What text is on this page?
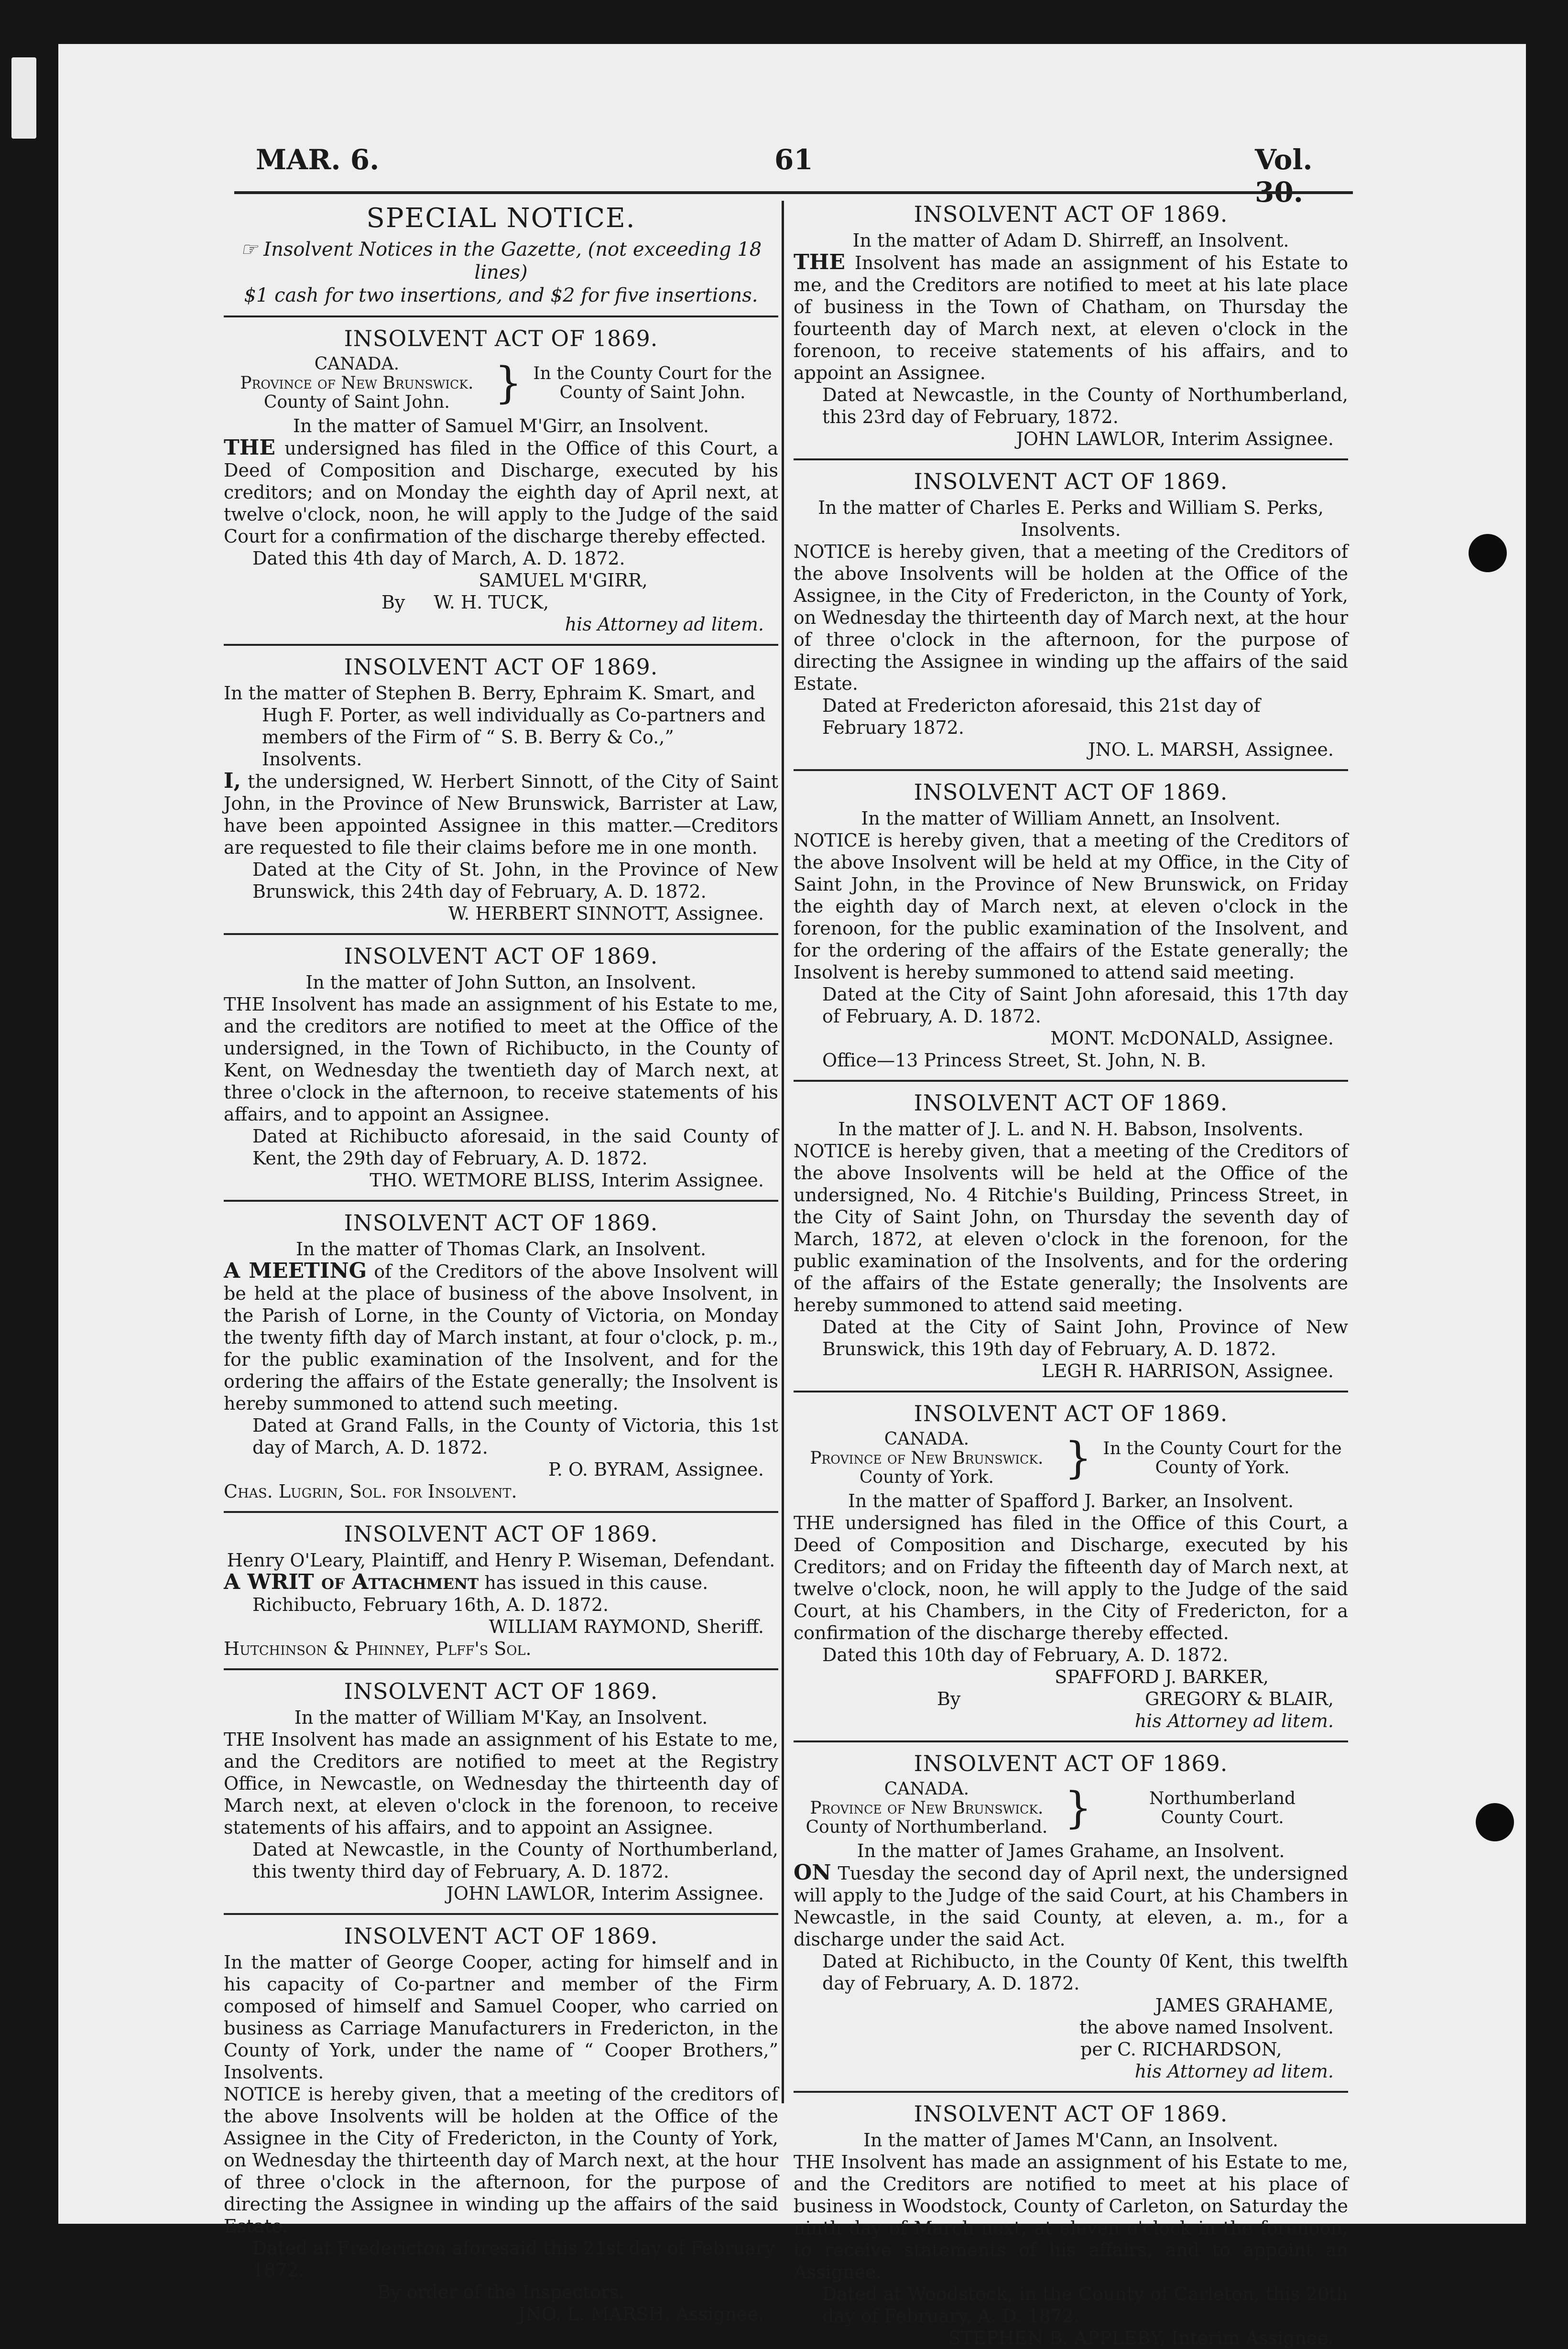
MAR. 6.	61	Vol. 30.
SPECIAL NOTICE.
☞ Insolvent Notices in the Gazette, (not exceeding 18 lines)
$1 cash for two insertions, and $2 for five insertions.
INSOLVENT ACT OF 1869.
CANADA.
Province of New Brunswick.
County of Saint John.	} In the County Court for the
County of Saint John.
In the matter of Samuel M'Girr, an Insolvent.
THE undersigned has filed in the Office of this Court, a Deed of Composition and Discharge, executed by his creditors; and on Monday the eighth day of April next, at twelve o'clock, noon, he will apply to the Judge of the said Court for a confirmation of the discharge thereby effected.
Dated this 4th day of March, A. D. 1872.
SAMUEL M'GIRR,
By W. H. TUCK,
his Attorney ad litem.
INSOLVENT ACT OF 1869.
In the matter of Stephen B. Berry, Ephraim K. Smart, and Hugh F. Porter, as well individually as Co-partners and members of the Firm of “ S. B. Berry & Co.,” Insolvents.
I, the undersigned, W. Herbert Sinnott, of the City of Saint John, in the Province of New Brunswick, Barrister at Law, have been appointed Assignee in this matter.—Creditors are requested to file their claims before me in one month.
Dated at the City of St. John, in the Province of New Brunswick, this 24th day of February, A. D. 1872.
W. HERBERT SINNOTT, Assignee.
INSOLVENT ACT OF 1869.
In the matter of John Sutton, an Insolvent.
THE Insolvent has made an assignment of his Estate to me, and the creditors are notified to meet at the Office of the undersigned, in the Town of Richibucto, in the County of Kent, on Wednesday the twentieth day of March next, at three o'clock in the afternoon, to receive statements of his affairs, and to appoint an Assignee.
Dated at Richibucto aforesaid, in the said County of Kent, the 29th day of February, A. D. 1872.
THO. WETMORE BLISS, Interim Assignee.
INSOLVENT ACT OF 1869.
In the matter of Thomas Clark, an Insolvent.
A MEETING of the Creditors of the above Insolvent will be held at the place of business of the above Insolvent, in the Parish of Lorne, in the County of Victoria, on Monday the twenty fifth day of March instant, at four o'clock, p. m., for the public examination of the Insolvent, and for the ordering the affairs of the Estate generally; the Insolvent is hereby summoned to attend such meeting.
Dated at Grand Falls, in the County of Victoria, this 1st day of March, A. D. 1872.
P. O. BYRAM, Assignee.
Chas. Lugrin, Sol. for Insolvent.
INSOLVENT ACT OF 1869.
Henry O'Leary, Plaintiff, and Henry P. Wiseman, Defendant.
A WRIT of Attachment has issued in this cause.
Richibucto, February 16th, A. D. 1872.
WILLIAM RAYMOND, Sheriff.
Hutchinson & Phinney, Plff's Sol.
INSOLVENT ACT OF 1869.
In the matter of William M'Kay, an Insolvent.
THE Insolvent has made an assignment of his Estate to me, and the Creditors are notified to meet at the Registry Office, in Newcastle, on Wednesday the thirteenth day of March next, at eleven o'clock in the forenoon, to receive statements of his affairs, and to appoint an Assignee.
Dated at Newcastle, in the County of Northumberland, this twenty third day of February, A. D. 1872.
JOHN LAWLOR, Interim Assignee.
INSOLVENT ACT OF 1869.
In the matter of George Cooper, acting for himself and in his capacity of Co-partner and member of the Firm composed of himself and Samuel Cooper, who carried on business as Carriage Manufacturers in Fredericton, in the County of York, under the name of “ Cooper Brothers,” Insolvents.
NOTICE is hereby given, that a meeting of the creditors of the above Insolvents will be holden at the Office of the Assignee in the City of Fredericton, in the County of York, on Wednesday the thirteenth day of March next, at the hour of three o'clock in the afternoon, for the purpose of directing the Assignee in winding up the affairs of the said Estate.
Dated at Fredericton aforesaid this 21st day of February 1872.
By order of the Inspectors.
JNO. L. MARSH, Assignee.
INSOLVENT ACT OF 1869.
In the matter of Adam D. Shirreff, an Insolvent.
THE Insolvent has made an assignment of his Estate to me, and the Creditors are notified to meet at his late place of business in the Town of Chatham, on Thursday the fourteenth day of March next, at eleven o'clock in the forenoon, to receive statements of his affairs, and to appoint an Assignee.
Dated at Newcastle, in the County of Northumberland, this 23rd day of February, 1872.
JOHN LAWLOR, Interim Assignee.
INSOLVENT ACT OF 1869.
In the matter of Charles E. Perks and William S. Perks, Insolvents.
NOTICE is hereby given, that a meeting of the Creditors of the above Insolvents will be holden at the Office of the Assignee, in the City of Fredericton, in the County of York, on Wednesday the thirteenth day of March next, at the hour of three o'clock in the afternoon, for the purpose of directing the Assignee in winding up the affairs of the said Estate.
Dated at Fredericton aforesaid, this 21st day of February 1872.
JNO. L. MARSH, Assignee.
INSOLVENT ACT OF 1869.
In the matter of William Annett, an Insolvent.
NOTICE is hereby given, that a meeting of the Creditors of the above Insolvent will be held at my Office, in the City of Saint John, in the Province of New Brunswick, on Friday the eighth day of March next, at eleven o'clock in the forenoon, for the public examination of the Insolvent, and for the ordering of the affairs of the Estate generally; the Insolvent is hereby summoned to attend said meeting.
Dated at the City of Saint John aforesaid, this 17th day of February, A. D. 1872.
MONT. McDONALD, Assignee.
Office—13 Princess Street, St. John, N. B.
INSOLVENT ACT OF 1869.
In the matter of J. L. and N. H. Babson, Insolvents.
NOTICE is hereby given, that a meeting of the Creditors of the above Insolvents will be held at the Office of the undersigned, No. 4 Ritchie's Building, Princess Street, in the City of Saint John, on Thursday the seventh day of March, 1872, at eleven o'clock in the forenoon, for the public examination of the Insolvents, and for the ordering of the affairs of the Estate generally; the Insolvents are hereby summoned to attend said meeting.
Dated at the City of Saint John, Province of New Brunswick, this 19th day of February, A. D. 1872.
LEGH R. HARRISON, Assignee.
INSOLVENT ACT OF 1869.
CANADA.
Province of New Brunswick.
County of York.	} In the County Court for the
County of York.
In the matter of Spafford J. Barker, an Insolvent.
THE undersigned has filed in the Office of this Court, a Deed of Composition and Discharge, executed by his Creditors; and on Friday the fifteenth day of March next, at twelve o'clock, noon, he will apply to the Judge of the said Court, at his Chambers, in the City of Fredericton, for a confirmation of the discharge thereby effected.
Dated this 10th day of February, A. D. 1872.
SPAFFORD J. BARKER,
By	GREGORY & BLAIR,
his Attorney ad litem.
INSOLVENT ACT OF 1869.
CANADA.
Province of New Brunswick.
County of Northumberland. }	Northumberland
County Court.
In the matter of James Grahame, an Insolvent.
ON Tuesday the second day of April next, the undersigned will apply to the Judge of the said Court, at his Chambers in Newcastle, in the said County, at eleven, a. m., for a discharge under the said Act.
Dated at Richibucto, in the County 0f Kent, this twelfth day of February, A. D. 1872.
JAMES GRAHAME,
the above named Insolvent.
per C. RICHARDSON,
his Attorney ad litem.
INSOLVENT ACT OF 1869.
In the matter of James M'Cann, an Insolvent.
THE Insolvent has made an assignment of his Estate to me, and the Creditors are notified to meet at his place of business in Woodstock, County of Carleton, on Saturday the ninth day of March next, at eleven o'clock in the forenoon, to receive statements of his affairs, and to appoint an Assignee.
Dated at Woodstock, in the County of Carleton, this 20th day of February, A. D. 1872.
STEPHEN B. APPLEBY, Interim Assignee.
